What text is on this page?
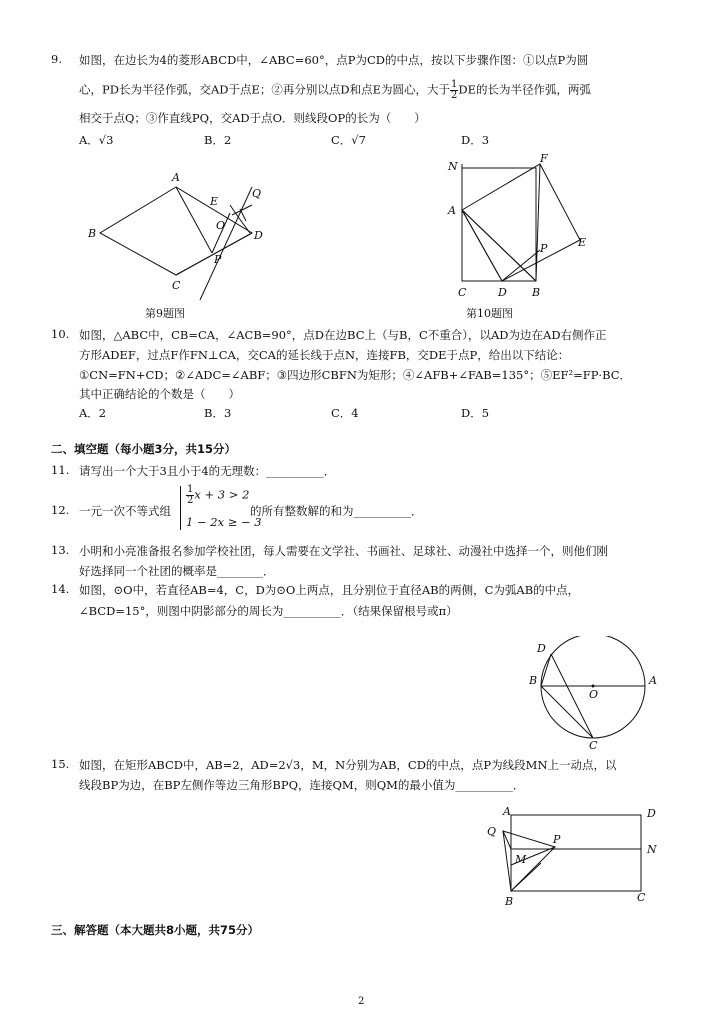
9. 如图，在边长为4的菱形ABCD中，∠ABC=60°，点P为CD的中点，按以下步骤作图：①以点P为圆
心，PD长为半径作弧，交AD于点E；②再分别以点D和点E为圆心，大于 $\frac{1}{2}$ DE的长为半径作弧，两弧
相交于点Q；③作直线PQ，交AD于点O．则线段OP的长为（　　）
A．√3	B．2	C．√7	D．3
A
B
C
D
E
O
P
Q
第9题图
N
F
A
E
P
C	D B
第10题图
10. 如图，△ABC中，CB=CA，∠ACB=90°，点D在边BC上（与B，C不重合），以AD为边在AD右侧作正
方形ADEF，过点F作FN⊥CA，交CA的延长线于点N，连接FB，交DE于点P，给出以下结论：
①CN=FN+CD；②∠ADC=∠ABF；③四边形CBFN为矩形；④∠AFB+∠FAB=135°；⑤EF²=FP·BC．
其中正确结论的个数是（　　）
A．2	B．3	C．4	D．5
二、填空题（每小题3分，共15分）
11. 请写出一个大于3且小于4的无理数：__________．
12. 一元一次不等式组
$\frac{1}{2}$ x + 3 > 2
1 − 2x ≥ − 3
的所有整数解的和为__________．
13. 小明和小亮准备报名参加学校社团，每人需要在文学社、书画社、足球社、动漫社中选择一个，则他们刚
好选择同一个社团的概率是________．
14. 如图，⊙O中，若直径AB=4，C，D为⊙O上两点，且分别位于直径AB的两侧，C为弧AB的中点，
∠BCD=15°，则图中阴影部分的周长为__________．（结果保留根号或π）
D
B
O
A
C
15. 如图，在矩形ABCD中，AB=2，AD=2√3，M，N分别为AB，CD的中点，点P为线段MN上一动点，以
线段BP为边，在BP左侧作等边三角形BPQ，连接QM，则QM的最小值为__________．
A	D
Q
P
M
N
B	C
三、解答题（本大题共8小题，共75分）
2
